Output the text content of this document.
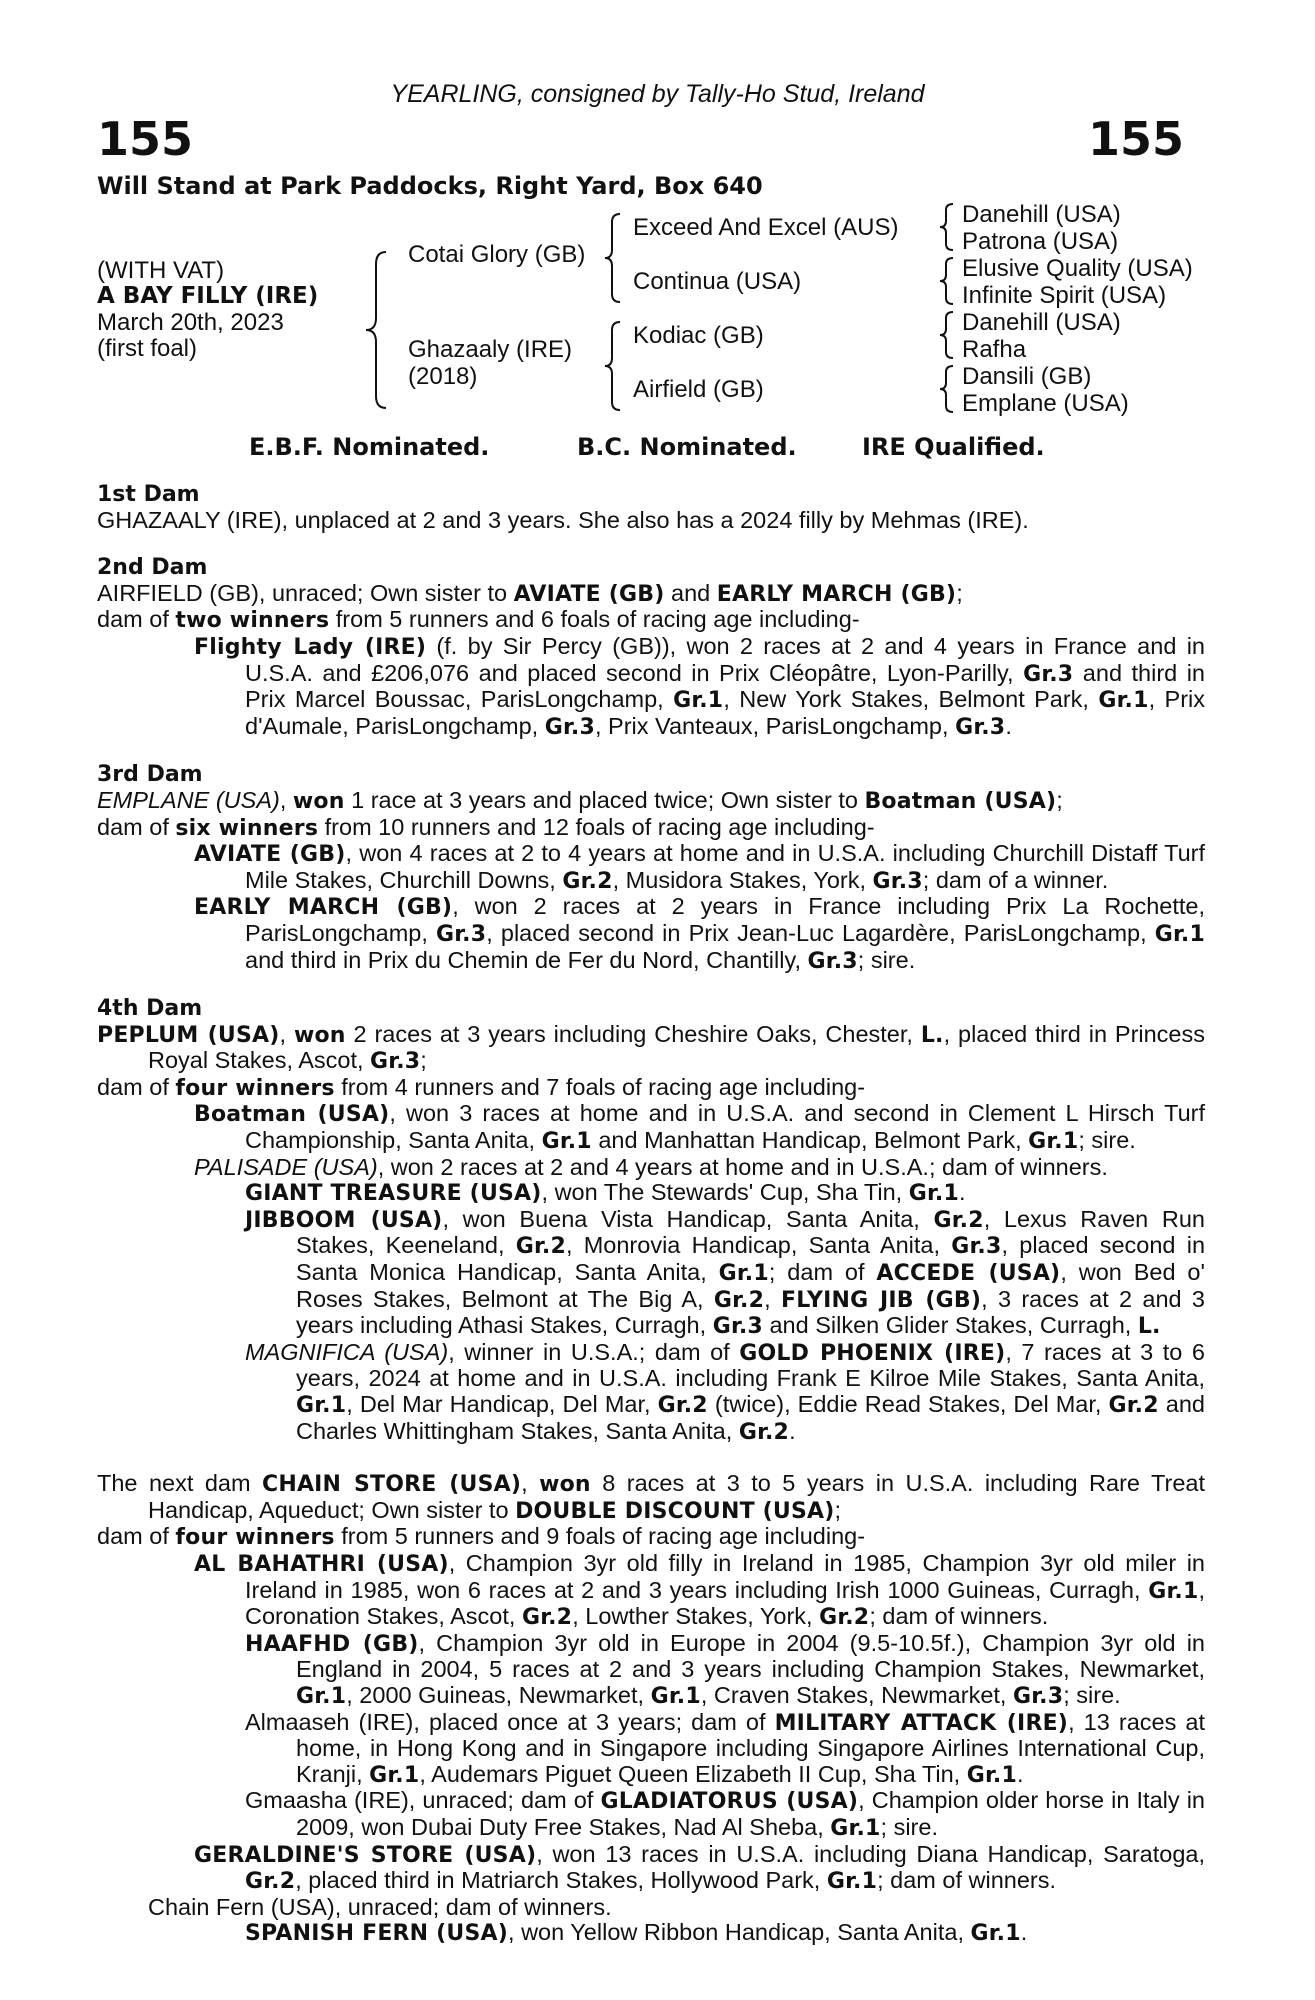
YEARLING, consigned by Tally-Ho Stud, Ireland
155	155
Will Stand at Park Paddocks, Right Yard, Box 640
(WITH VAT)
A BAY FILLY (IRE)
March 20th, 2023
(first foal)
Cotai Glory (GB)
Ghazaaly (IRE)
(2018)
Exceed And Excel (AUS)
Continua (USA)
Kodiac (GB)
Airfield (GB)
Danehill (USA)
Patrona (USA)
Elusive Quality (USA)
Infinite Spirit (USA)
Danehill (USA)
Rafha
Dansili (GB)
Emplane (USA)
E.B.F. Nominated.	B.C. Nominated.	IRE Qualified.

1st Dam

GHAZAALY (IRE), unplaced at 2 and 3 years. She also has a 2024 filly by Mehmas (IRE).

2nd Dam

AIRFIELD (GB), unraced; Own sister to AVIATE (GB) and EARLY MARCH (GB);

dam of two winners from 5 runners and 6 foals of racing age including-

Flighty Lady (IRE) (f. by Sir Percy (GB)), won 2 races at 2 and 4 years in France and in U.S.A. and £206,076 and placed second in Prix Cléopâtre, Lyon-Parilly, Gr.3 and third in Prix Marcel Boussac, ParisLongchamp, Gr.1, New York Stakes, Belmont Park, Gr.1, Prix d'Aumale, ParisLongchamp, Gr.3, Prix Vanteaux, ParisLongchamp, Gr.3.

3rd Dam

EMPLANE (USA), won 1 race at 3 years and placed twice; Own sister to Boatman (USA);

dam of six winners from 10 runners and 12 foals of racing age including-

AVIATE (GB), won 4 races at 2 to 4 years at home and in U.S.A. including Churchill Distaff Turf Mile Stakes, Churchill Downs, Gr.2, Musidora Stakes, York, Gr.3; dam of a winner.

EARLY MARCH (GB), won 2 races at 2 years in France including Prix La Rochette, ParisLongchamp, Gr.3, placed second in Prix Jean-Luc Lagardère, ParisLongchamp, Gr.1 and third in Prix du Chemin de Fer du Nord, Chantilly, Gr.3; sire.

4th Dam

PEPLUM (USA), won 2 races at 3 years including Cheshire Oaks, Chester, L., placed third in Princess Royal Stakes, Ascot, Gr.3;

dam of four winners from 4 runners and 7 foals of racing age including-

Boatman (USA), won 3 races at home and in U.S.A. and second in Clement L Hirsch Turf Championship, Santa Anita, Gr.1 and Manhattan Handicap, Belmont Park, Gr.1; sire.

PALISADE (USA), won 2 races at 2 and 4 years at home and in U.S.A.; dam of winners.

GIANT TREASURE (USA), won The Stewards' Cup, Sha Tin, Gr.1.

JIBBOOM (USA), won Buena Vista Handicap, Santa Anita, Gr.2, Lexus Raven Run Stakes, Keeneland, Gr.2, Monrovia Handicap, Santa Anita, Gr.3, placed second in Santa Monica Handicap, Santa Anita, Gr.1; dam of ACCEDE (USA), won Bed o' Roses Stakes, Belmont at The Big A, Gr.2, FLYING JIB (GB), 3 races at 2 and 3 years including Athasi Stakes, Curragh, Gr.3 and Silken Glider Stakes, Curragh, L.

MAGNIFICA (USA), winner in U.S.A.; dam of GOLD PHOENIX (IRE), 7 races at 3 to 6 years, 2024 at home and in U.S.A. including Frank E Kilroe Mile Stakes, Santa Anita, Gr.1, Del Mar Handicap, Del Mar, Gr.2 (twice), Eddie Read Stakes, Del Mar, Gr.2 and Charles Whittingham Stakes, Santa Anita, Gr.2.

The next dam CHAIN STORE (USA), won 8 races at 3 to 5 years in U.S.A. including Rare Treat Handicap, Aqueduct; Own sister to DOUBLE DISCOUNT (USA);

dam of four winners from 5 runners and 9 foals of racing age including-

AL BAHATHRI (USA), Champion 3yr old filly in Ireland in 1985, Champion 3yr old miler in Ireland in 1985, won 6 races at 2 and 3 years including Irish 1000 Guineas, Curragh, Gr.1, Coronation Stakes, Ascot, Gr.2, Lowther Stakes, York, Gr.2; dam of winners.

HAAFHD (GB), Champion 3yr old in Europe in 2004 (9.5-10.5f.), Champion 3yr old in England in 2004, 5 races at 2 and 3 years including Champion Stakes, Newmarket, Gr.1, 2000 Guineas, Newmarket, Gr.1, Craven Stakes, Newmarket, Gr.3; sire.

Almaaseh (IRE), placed once at 3 years; dam of MILITARY ATTACK (IRE), 13 races at home, in Hong Kong and in Singapore including Singapore Airlines International Cup, Kranji, Gr.1, Audemars Piguet Queen Elizabeth II Cup, Sha Tin, Gr.1.

Gmaasha (IRE), unraced; dam of GLADIATORUS (USA), Champion older horse in Italy in 2009, won Dubai Duty Free Stakes, Nad Al Sheba, Gr.1; sire.

GERALDINE'S STORE (USA), won 13 races in U.S.A. including Diana Handicap, Saratoga, Gr.2, placed third in Matriarch Stakes, Hollywood Park, Gr.1; dam of winners.

Chain Fern (USA), unraced; dam of winners.

SPANISH FERN (USA), won Yellow Ribbon Handicap, Santa Anita, Gr.1.
